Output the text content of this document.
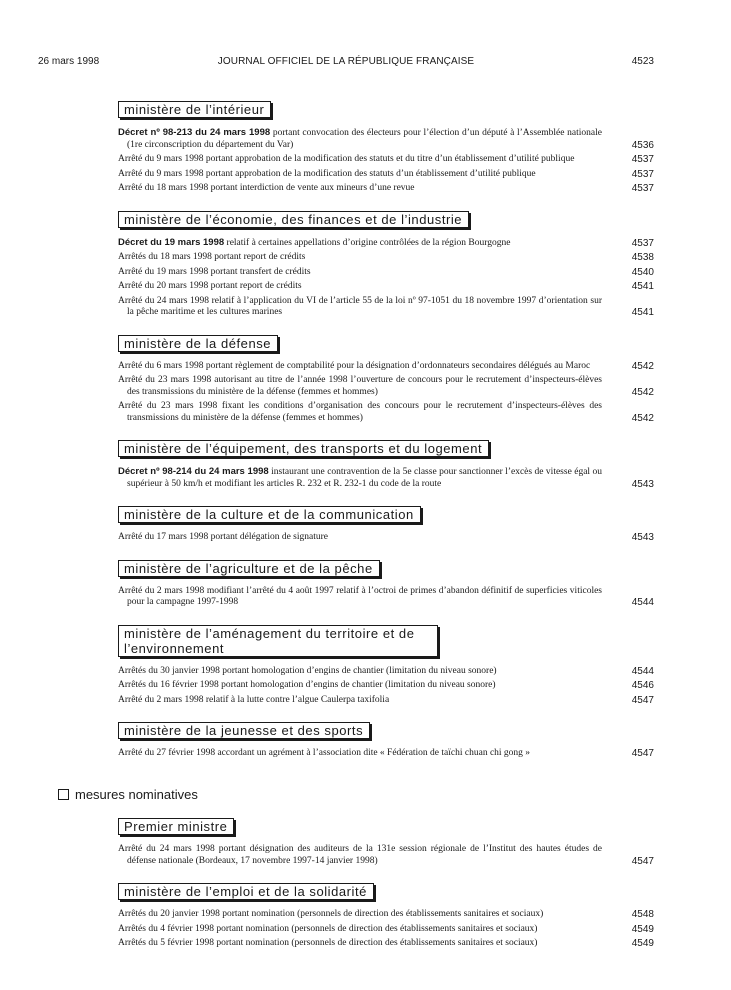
26 mars 1998	JOURNAL OFFICIEL DE LA RÉPUBLIQUE FRANÇAISE	4523
ministère de l’intérieur
Décret nº 98-213 du 24 mars 1998 portant convocation des électeurs pour l’élection d’un député à l’Assemblée nationale (1re circonscription du département du Var)	4536
Arrêté du 9 mars 1998 portant approbation de la modification des statuts et du titre d’un établissement d’utilité publique	4537
Arrêté du 9 mars 1998 portant approbation de la modification des statuts d’un établissement d’utilité publique	4537
Arrêté du 18 mars 1998 portant interdiction de vente aux mineurs d’une revue	4537
ministère de l’économie, des finances et de l’industrie
Décret du 19 mars 1998 relatif à certaines appellations d’origine contrôlées de la région Bourgogne	4537
Arrêtés du 18 mars 1998 portant report de crédits	4538
Arrêté du 19 mars 1998 portant transfert de crédits	4540
Arrêté du 20 mars 1998 portant report de crédits	4541
Arrêté du 24 mars 1998 relatif à l’application du VI de l’article 55 de la loi nº 97-1051 du 18 novembre 1997 d’orientation sur la pêche maritime et les cultures marines	4541
ministère de la défense
Arrêté du 6 mars 1998 portant règlement de comptabilité pour la désignation d’ordonnateurs secondaires délégués au Maroc	4542
Arrêté du 23 mars 1998 autorisant au titre de l’année 1998 l’ouverture de concours pour le recrutement d’inspecteurs-élèves des transmissions du ministère de la défense (femmes et hommes)	4542
Arrêté du 23 mars 1998 fixant les conditions d’organisation des concours pour le recrutement d’inspecteurs-élèves des transmissions du ministère de la défense (femmes et hommes)	4542
ministère de l’équipement, des transports et du logement
Décret nº 98-214 du 24 mars 1998 instaurant une contravention de la 5e classe pour sanctionner l’excès de vitesse égal ou supérieur à 50 km/h et modifiant les articles R. 232 et R. 232-1 du code de la route	4543
ministère de la culture et de la communication
Arrêté du 17 mars 1998 portant délégation de signature	4543
ministère de l’agriculture et de la pêche
Arrêté du 2 mars 1998 modifiant l’arrêté du 4 août 1997 relatif à l’octroi de primes d’abandon définitif de superficies viticoles pour la campagne 1997-1998	4544
ministère de l’aménagement du territoire et de l’environnement
Arrêtés du 30 janvier 1998 portant homologation d’engins de chantier (limitation du niveau sonore)	4544
Arrêtés du 16 février 1998 portant homologation d’engins de chantier (limitation du niveau sonore)	4546
Arrêté du 2 mars 1998 relatif à la lutte contre l’algue Caulerpa taxifolia	4547
ministère de la jeunesse et des sports
Arrêté du 27 février 1998 accordant un agrément à l’association dite « Fédération de taïchi chuan chi gong »	4547
mesures nominatives
Premier ministre
Arrêté du 24 mars 1998 portant désignation des auditeurs de la 131e session régionale de l’Institut des hautes études de défense nationale (Bordeaux, 17 novembre 1997-14 janvier 1998)	4547
ministère de l’emploi et de la solidarité
Arrêtés du 20 janvier 1998 portant nomination (personnels de direction des établissements sanitaires et sociaux)	4548
Arrêtés du 4 février 1998 portant nomination (personnels de direction des établissements sanitaires et sociaux)	4549
Arrêtés du 5 février 1998 portant nomination (personnels de direction des établissements sanitaires et sociaux)	4549
